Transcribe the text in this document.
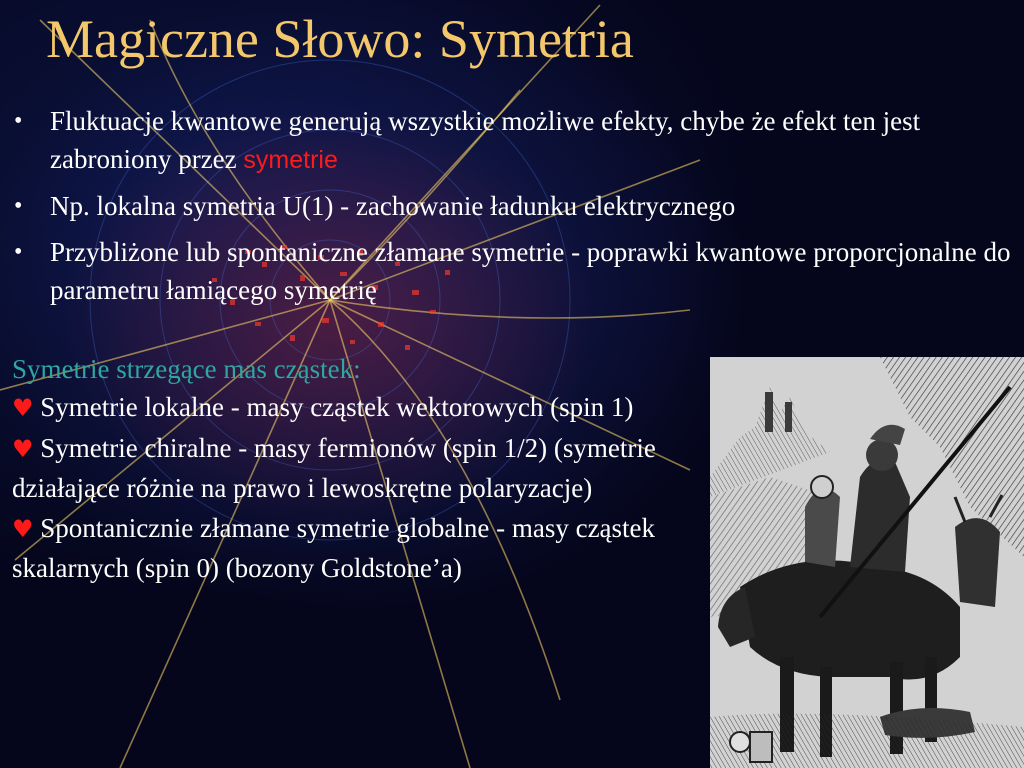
Magiczne Słowo: Symetria
• Fluktuacje kwantowe generują wszystkie możliwe efekty, chybe że efekt ten jest zabroniony przez symetrie
• Np. lokalna symetria U(1) - zachowanie ładunku elektrycznego
• Przybliżone lub spontaniczne złamane symetrie - poprawki kwantowe proporcjonalne do parametru łamiącego symetrię
Symetrie strzegące mas cząstek:
♥ Symetrie lokalne - masy cząstek wektorowych (spin 1)
♥ Symetrie chiralne - masy fermionów (spin 1/2) (symetrie działające różnie na prawo i lewoskrętne polaryzacje)
♥ Spontanicznie złamane symetrie globalne - masy cząstek skalarnych (spin 0) (bozony Goldstone’a)
